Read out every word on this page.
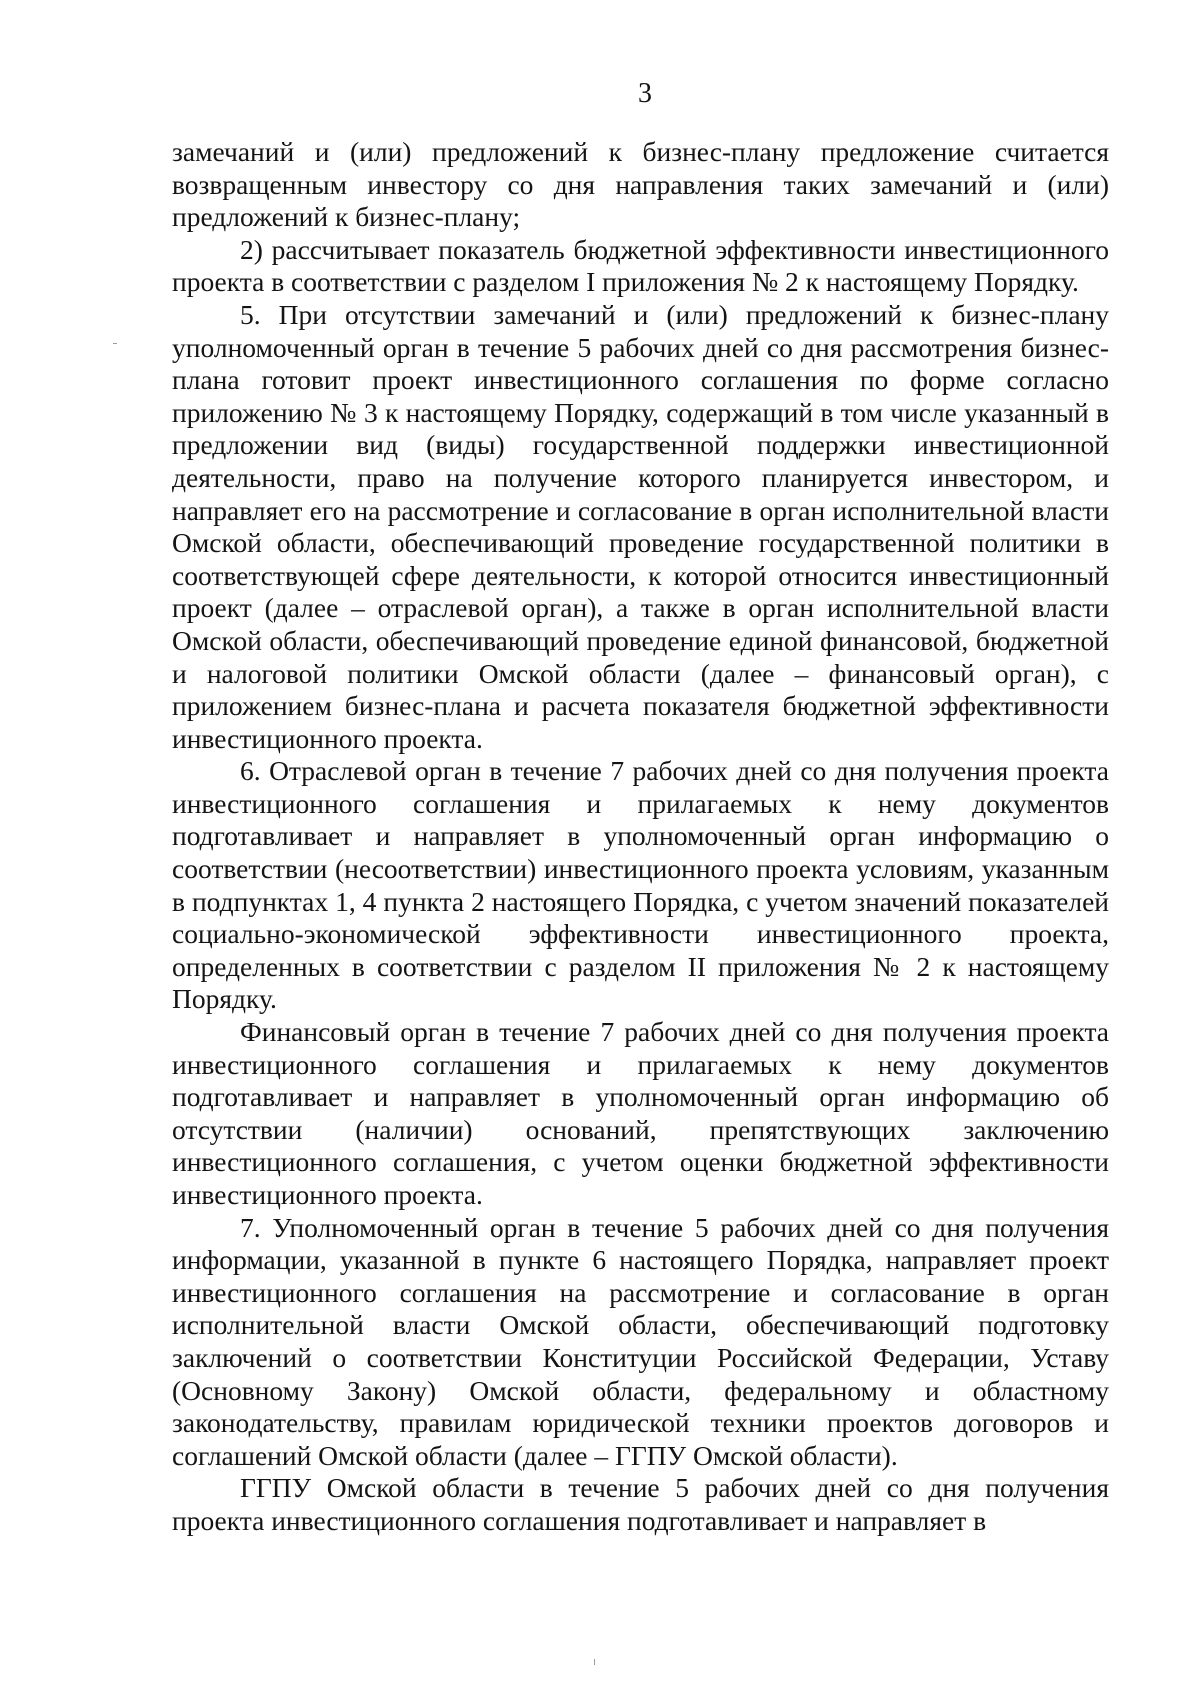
3

замечаний и (или) предложений к бизнес-плану предложение считается возвращенным инвестору со дня направления таких замечаний и (или) предложений к бизнес-плану;

2) рассчитывает показатель бюджетной эффективности инвестиционного проекта в соответствии с разделом I приложения № 2 к настоящему Порядку.

5. При отсутствии замечаний и (или) предложений к бизнес-плану уполномоченный орган в течение 5 рабочих дней со дня рассмотрения бизнес-плана готовит проект инвестиционного соглашения по форме согласно приложению № 3 к настоящему Порядку, содержащий в том числе указанный в предложении вид (виды) государственной поддержки инвестиционной деятельности, право на получение которого планируется инвестором, и направляет его на рассмотрение и согласование в орган исполнительной власти Омской области, обеспечивающий проведение государственной политики в соответствующей сфере деятельности, к которой относится инвестиционный проект (далее – отраслевой орган), а также в орган исполнительной власти Омской области, обеспечивающий проведение единой финансовой, бюджетной и налоговой политики Омской области (далее – финансовый орган), с приложением бизнес-плана и расчета показателя бюджетной эффективности инвестиционного проекта.

6. Отраслевой орган в течение 7 рабочих дней со дня получения проекта инвестиционного соглашения и прилагаемых к нему документов подготавливает и направляет в уполномоченный орган информацию о соответствии (несоответствии) инвестиционного проекта условиям, указанным в подпунктах 1, 4 пункта 2 настоящего Порядка, с учетом значений показателей социально-экономической эффективности инвестиционного проекта, определенных в соответствии с разделом II приложения № 2 к настоящему Порядку.

Финансовый орган в течение 7 рабочих дней со дня получения проекта инвестиционного соглашения и прилагаемых к нему документов подготавливает и направляет в уполномоченный орган информацию об отсутствии (наличии) оснований, препятствующих заключению инвестиционного соглашения, с учетом оценки бюджетной эффективности инвестиционного проекта.

7. Уполномоченный орган в течение 5 рабочих дней со дня получения информации, указанной в пункте 6 настоящего Порядка, направляет проект инвестиционного соглашения на рассмотрение и согласование в орган исполнительной власти Омской области, обеспечивающий подготовку заключений о соответствии Конституции Российской Федерации, Уставу (Основному Закону) Омской области, федеральному и областному законодательству, правилам юридической техники проектов договоров и соглашений Омской области (далее – ГГПУ Омской области).

ГГПУ Омской области в течение 5 рабочих дней со дня получения проекта инвестиционного соглашения подготавливает и направляет в
